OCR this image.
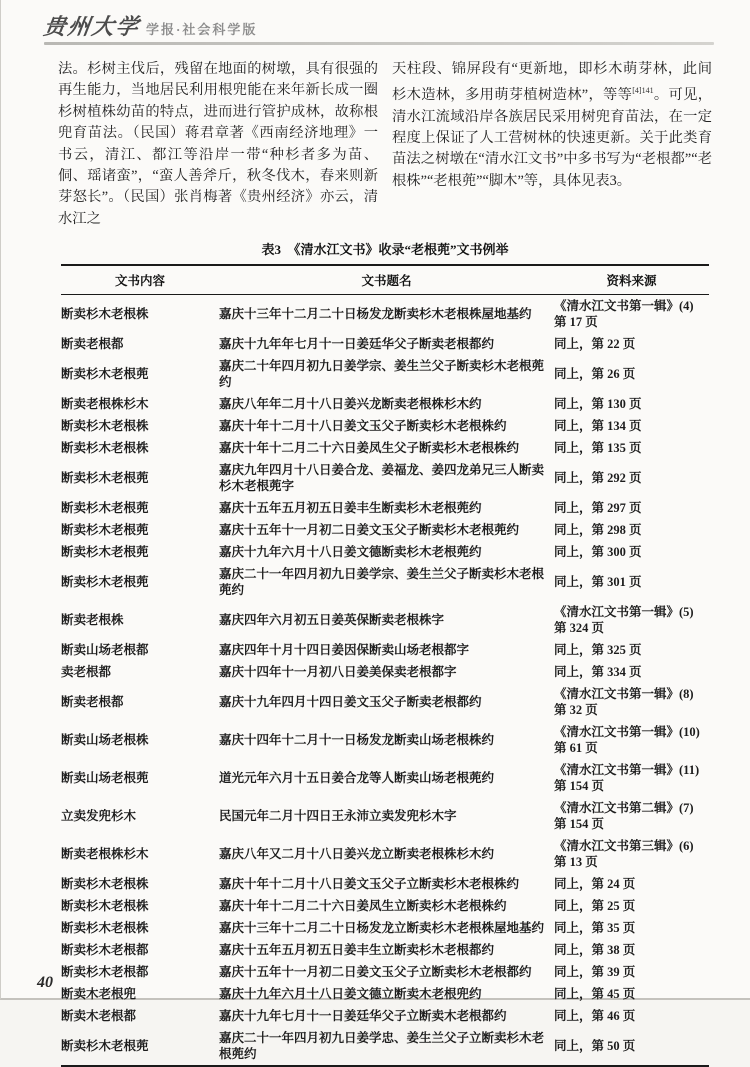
贵州大学 学报·社会科学版

法。杉树主伐后，残留在地面的树墩，具有很强的再生能力，当地居民利用根兜能在来年新长成一圈杉树植株幼苗的特点，进而进行管护成林，故称根兜育苗法。（民国）蒋君章著《西南经济地理》一书云，清江、都江等沿岸一带“种杉者多为苗、侗、瑶诸蛮”，“蛮人善斧斤，秋冬伐木，春来则新芽怒长”。（民国）张肖梅著《贵州经济》亦云，清水江之

天柱段、锦屏段有“更新地，即杉木萌芽林，此间杉木造林，多用萌芽植树造林”，等等$^{[4]141}$。可见，清水江流域沿岸各族居民采用树兜育苗法，在一定程度上保证了人工营树林的快速更新。关于此类育苗法之树墩在“清水江文书”中多书写为“老根都”“老根株”“老根蔸”“脚木”等，具体见表3。

表3　《清水江文书》收录“老根蔸”文书例举
文书内容	文书题名	资料来源
断卖杉木老根株	嘉庆十三年十二月二十日杨发龙断卖杉木老根株屋地基约	《清水江文书第一辑》(4) 第 17 页
断卖老根都	嘉庆十九年年七月十一日姜廷华父子断卖老根都约	同上，第 22 页
断卖杉木老根蔸	嘉庆二十年四月初九日姜学宗、姜生兰父子断卖杉木老根蔸约	同上，第 26 页
断卖老根株杉木	嘉庆八年年二月十八日姜兴龙断卖老根株杉木约	同上，第 130 页
断卖杉木老根株	嘉庆十年十二月十八日姜文玉父子断卖杉木老根株约	同上，第 134 页
断卖杉木老根株	嘉庆十年十二月二十六日姜凤生父子断卖杉木老根株约	同上，第 135 页
断卖杉木老根蔸	嘉庆九年四月十八日姜合龙、姜福龙、姜四龙弟兄三人断卖杉木老根蔸字	同上，第 292 页
断卖杉木老根蔸	嘉庆十五年五月初五日姜丰生断卖杉木老根蔸约	同上，第 297 页
断卖杉木老根蔸	嘉庆十五年十一月初二日姜文玉父子断卖杉木老根蔸约	同上，第 298 页
断卖杉木老根蔸	嘉庆十九年六月十八日姜文德断卖杉木老根蔸约	同上，第 300 页
断卖杉木老根蔸	嘉庆二十一年四月初九日姜学宗、姜生兰父子断卖杉木老根蔸约	同上，第 301 页
断卖老根株	嘉庆四年六月初五日姜英保断卖老根株字	《清水江文书第一辑》(5) 第 324 页
断卖山场老根都	嘉庆四年十月十四日姜因保断卖山场老根都字	同上，第 325 页
卖老根都	嘉庆十四年十一月初八日姜美保卖老根都字	同上，第 334 页
断卖老根都	嘉庆十九年四月十四日姜文玉父子断卖老根都约	《清水江文书第一辑》(8) 第 32 页
断卖山场老根株	嘉庆十四年十二月十一日杨发龙断卖山场老根株约	《清水江文书第一辑》(10) 第 61 页
断卖山场老根蔸	道光元年六月十五日姜合龙等人断卖山场老根蔸约	《清水江文书第一辑》(11) 第 154 页
立卖发兜杉木	民国元年二月十四日王永沛立卖发兜杉木字	《清水江文书第二辑》(7) 第 154 页
断卖老根株杉木	嘉庆八年又二月十八日姜兴龙立断卖老根株杉木约	《清水江文书第三辑》(6) 第 13 页
断卖杉木老根株	嘉庆十年十二月十八日姜文玉父子立断卖杉木老根株约	同上，第 24 页
断卖杉木老根株	嘉庆十年十二月二十六日姜凤生立断卖杉木老根株约	同上，第 25 页
断卖杉木老根株	嘉庆十三年十二月二十日杨发龙立断卖杉木老根株屋地基约	同上，第 35 页
断卖杉木老根都	嘉庆十五年五月初五日姜丰生立断卖杉木老根都约	同上，第 38 页
断卖杉木老根都	嘉庆十五年十一月初二日姜文玉父子立断卖杉木老根都约	同上，第 39 页
断卖木老根兜	嘉庆十九年六月十八日姜文德立断卖木老根兜约	同上，第 45 页
断卖木老根都	嘉庆十九年七月十一日姜廷华父子立断卖木老根都约	同上，第 46 页
断卖杉木老根蔸	嘉庆二十一年四月初九日姜学忠、姜生兰父子立断卖杉木老根蔸约	同上，第 50 页
40
